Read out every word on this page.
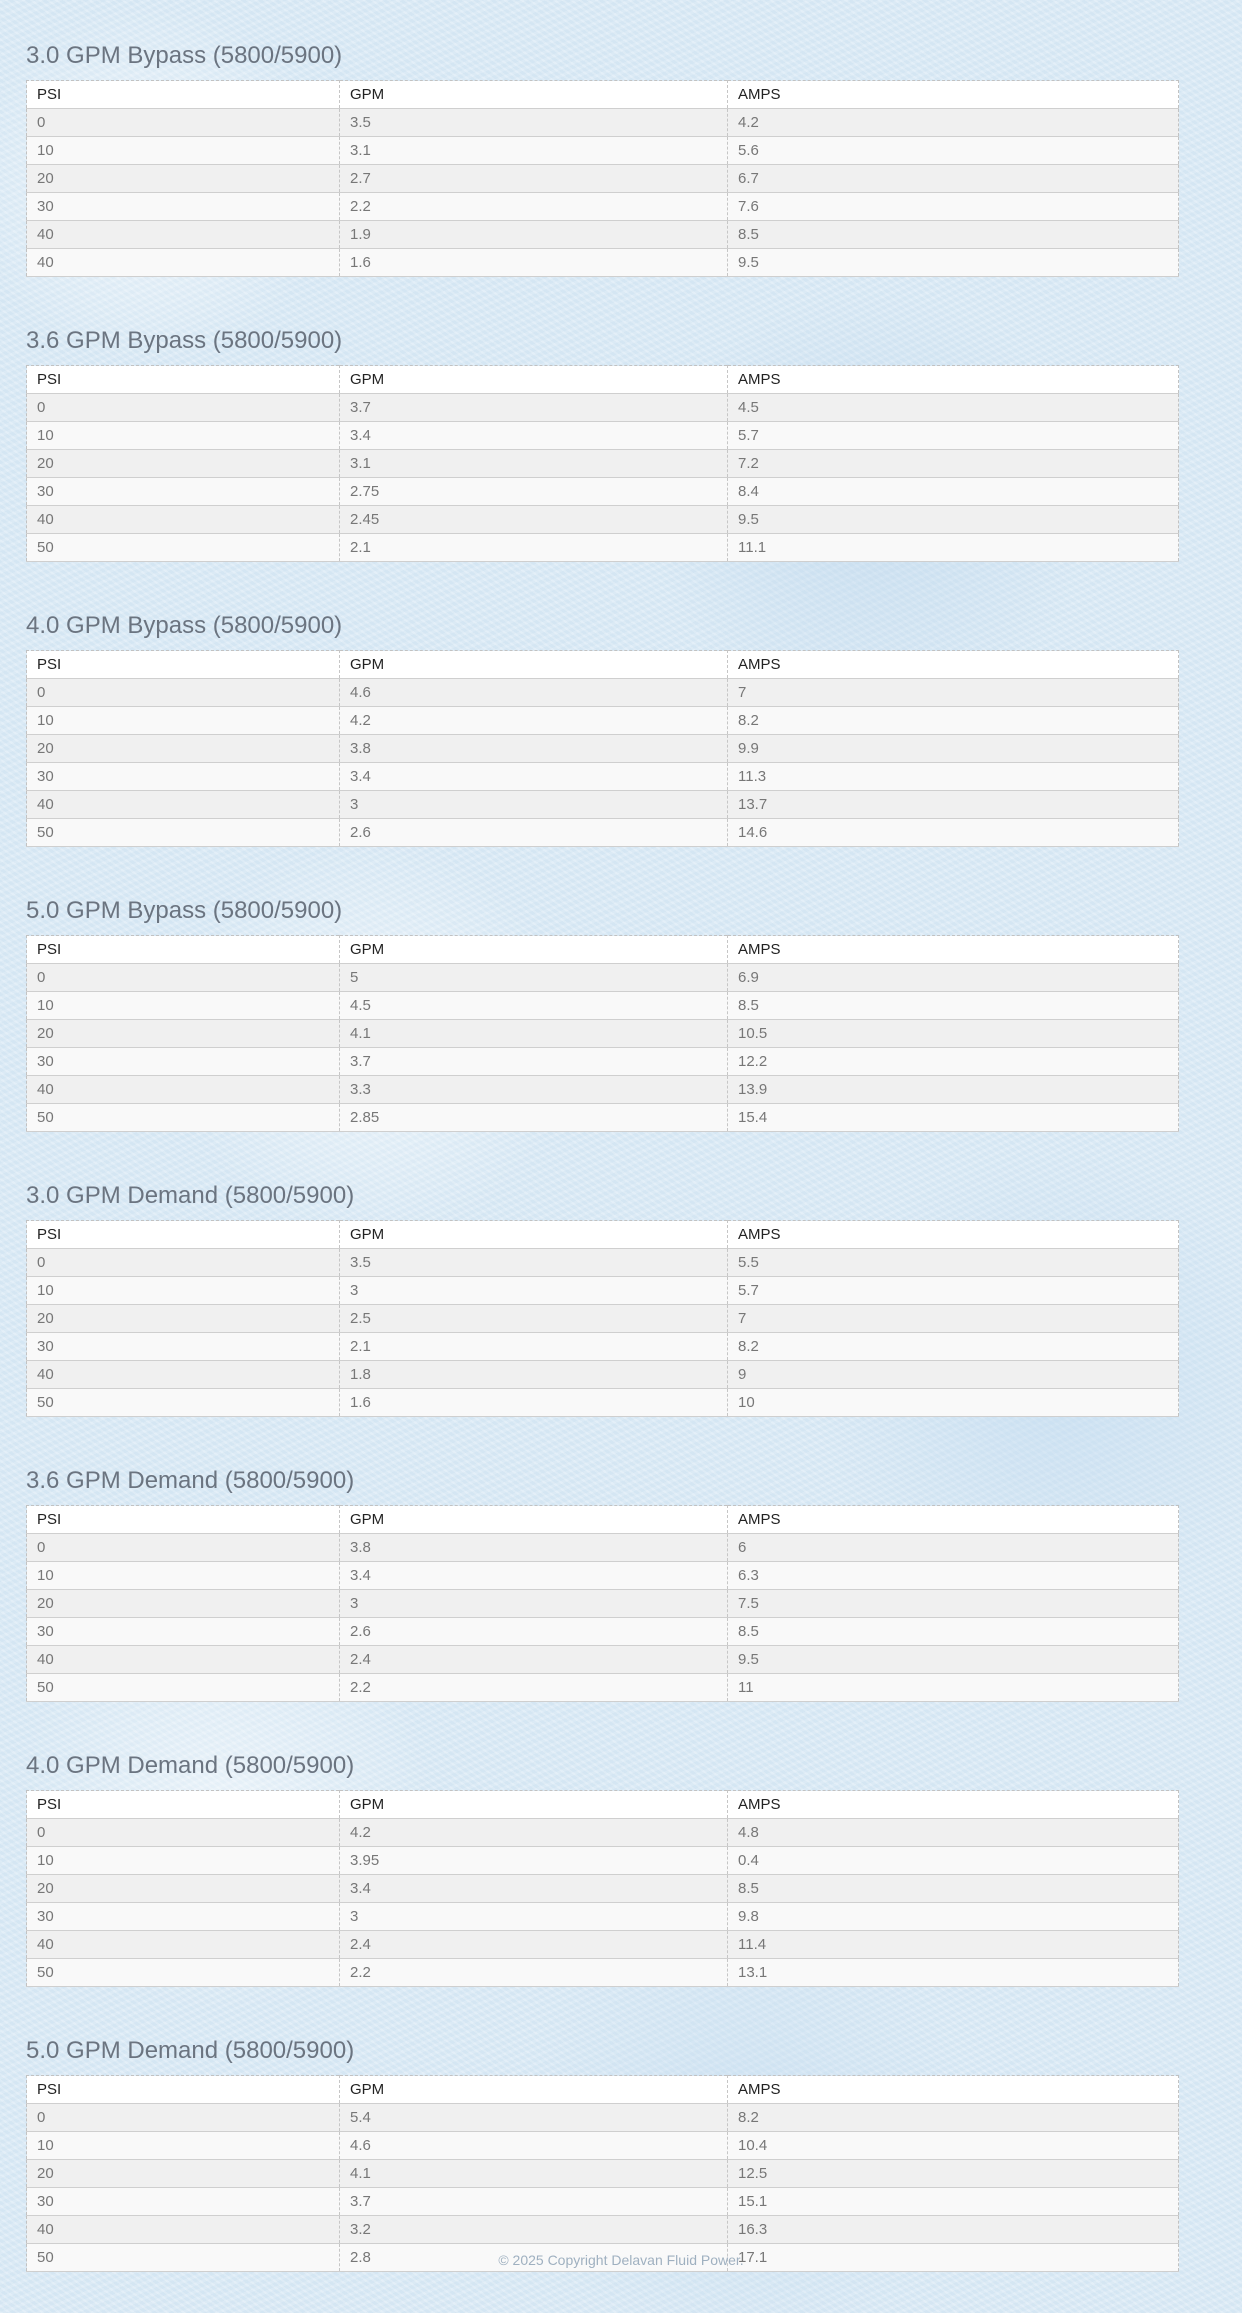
3.0 GPM Bypass (5800/5900)
PSI	GPM	AMPS
0	3.5	4.2
10	3.1	5.6
20	2.7	6.7
30	2.2	7.6
40	1.9	8.5
40	1.6	9.5
3.6 GPM Bypass (5800/5900)
PSI	GPM	AMPS
0	3.7	4.5
10	3.4	5.7
20	3.1	7.2
30	2.75	8.4
40	2.45	9.5
50	2.1	11.1
4.0 GPM Bypass (5800/5900)
PSI	GPM	AMPS
0	4.6	7
10	4.2	8.2
20	3.8	9.9
30	3.4	11.3
40	3	13.7
50	2.6	14.6
5.0 GPM Bypass (5800/5900)
PSI	GPM	AMPS
0	5	6.9
10	4.5	8.5
20	4.1	10.5
30	3.7	12.2
40	3.3	13.9
50	2.85	15.4
3.0 GPM Demand (5800/5900)
PSI	GPM	AMPS
0	3.5	5.5
10	3	5.7
20	2.5	7
30	2.1	8.2
40	1.8	9
50	1.6	10
3.6 GPM Demand (5800/5900)
PSI	GPM	AMPS
0	3.8	6
10	3.4	6.3
20	3	7.5
30	2.6	8.5
40	2.4	9.5
50	2.2	11
4.0 GPM Demand (5800/5900)
PSI	GPM	AMPS
0	4.2	4.8
10	3.95	0.4
20	3.4	8.5
30	3	9.8
40	2.4	11.4
50	2.2	13.1
5.0 GPM Demand (5800/5900)
PSI	GPM	AMPS
0	5.4	8.2
10	4.6	10.4
20	4.1	12.5
30	3.7	15.1
40	3.2	16.3
50	2.8	17.1
© 2025 Copyright Delavan Fluid Power.
